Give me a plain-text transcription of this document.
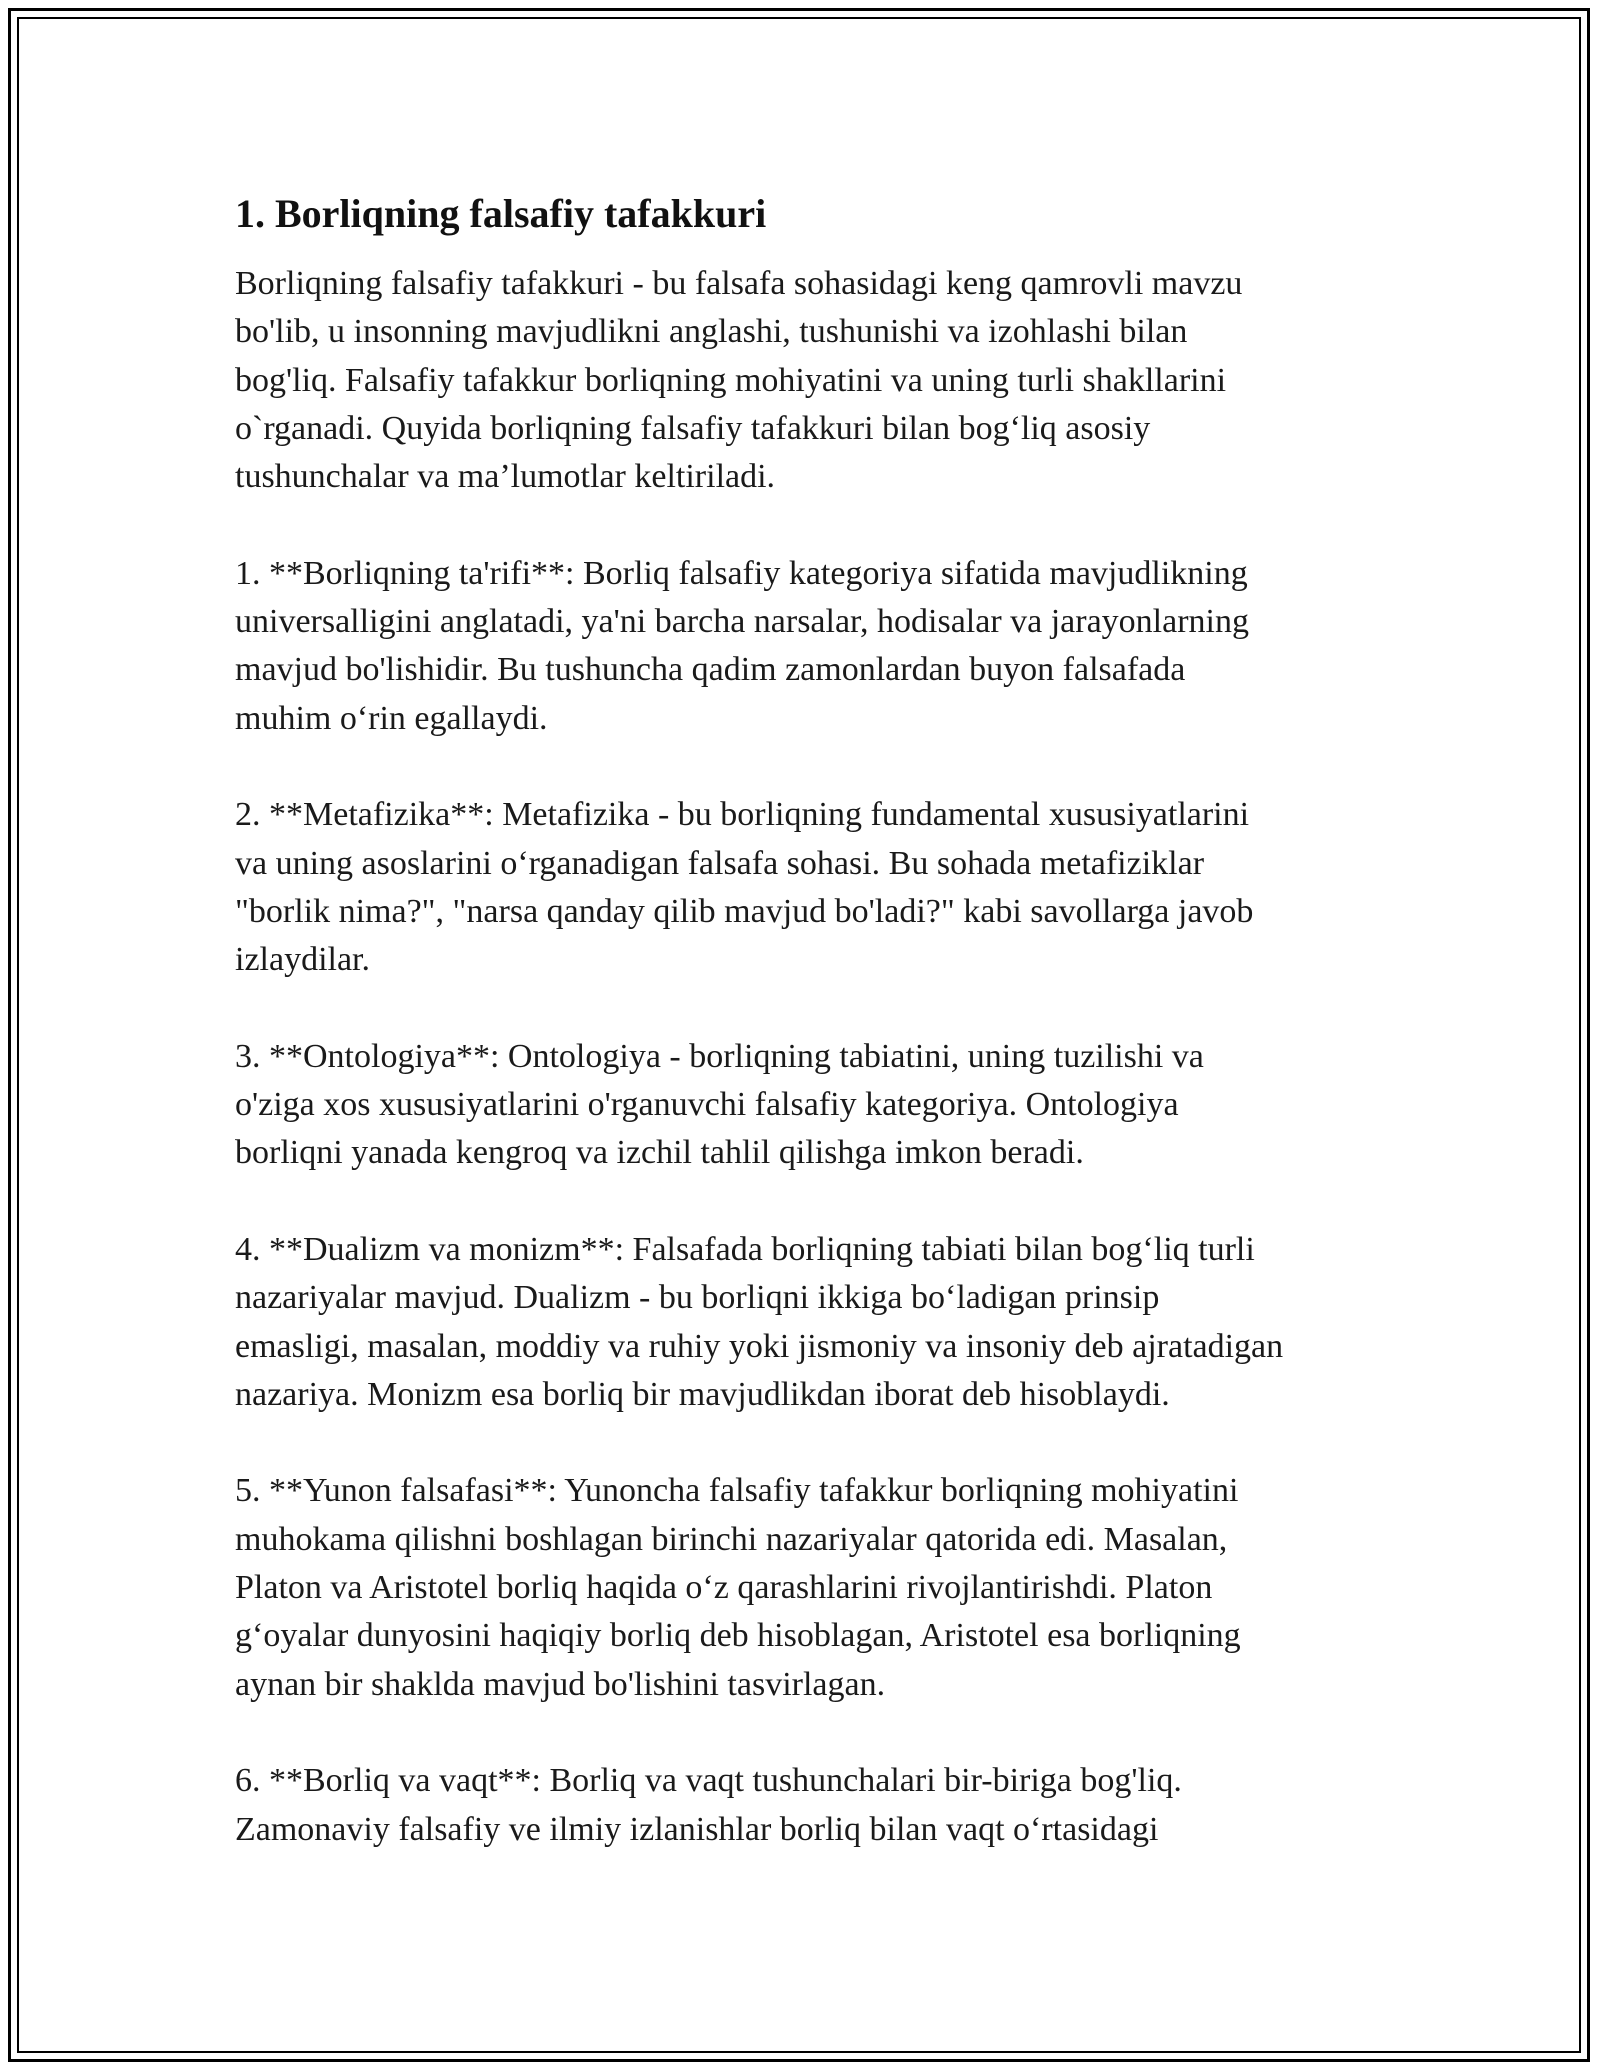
1. Borliqning falsafiy tafakkuri

Borliqning falsafiy tafakkuri - bu falsafa sohasidagi keng qamrovli mavzu
bo'lib, u insonning mavjudlikni anglashi, tushunishi va izohlashi bilan
bog'liq. Falsafiy tafakkur borliqning mohiyatini va uning turli shakllarini
o`rganadi. Quyida borliqning falsafiy tafakkuri bilan bog‘liq asosiy
tushunchalar va ma’lumotlar keltiriladi.

1. **Borliqning ta'rifi**: Borliq falsafiy kategoriya sifatida mavjudlikning
universalligini anglatadi, ya'ni barcha narsalar, hodisalar va jarayonlarning
mavjud bo'lishidir. Bu tushuncha qadim zamonlardan buyon falsafada
muhim o‘rin egallaydi.

2. **Metafizika**: Metafizika - bu borliqning fundamental xususiyatlarini
va uning asoslarini o‘rganadigan falsafa sohasi. Bu sohada metafiziklar
"borlik nima?", "narsa qanday qilib mavjud bo'ladi?" kabi savollarga javob
izlaydilar.

3. **Ontologiya**: Ontologiya - borliqning tabiatini, uning tuzilishi va
o'ziga xos xususiyatlarini o'rganuvchi falsafiy kategoriya. Ontologiya
borliqni yanada kengroq va izchil tahlil qilishga imkon beradi.

4. **Dualizm va monizm**: Falsafada borliqning tabiati bilan bog‘liq turli
nazariyalar mavjud. Dualizm - bu borliqni ikkiga bo‘ladigan prinsip
emasligi, masalan, moddiy va ruhiy yoki jismoniy va insoniy deb ajratadigan
nazariya. Monizm esa borliq bir mavjudlikdan iborat deb hisoblaydi.

5. **Yunon falsafasi**: Yunoncha falsafiy tafakkur borliqning mohiyatini
muhokama qilishni boshlagan birinchi nazariyalar qatorida edi. Masalan,
Platon va Aristotel borliq haqida o‘z qarashlarini rivojlantirishdi. Platon
g‘oyalar dunyosini haqiqiy borliq deb hisoblagan, Aristotel esa borliqning
aynan bir shaklda mavjud bo'lishini tasvirlagan.

6. **Borliq va vaqt**: Borliq va vaqt tushunchalari bir-biriga bog'liq.
Zamonaviy falsafiy ve ilmiy izlanishlar borliq bilan vaqt o‘rtasidagi
